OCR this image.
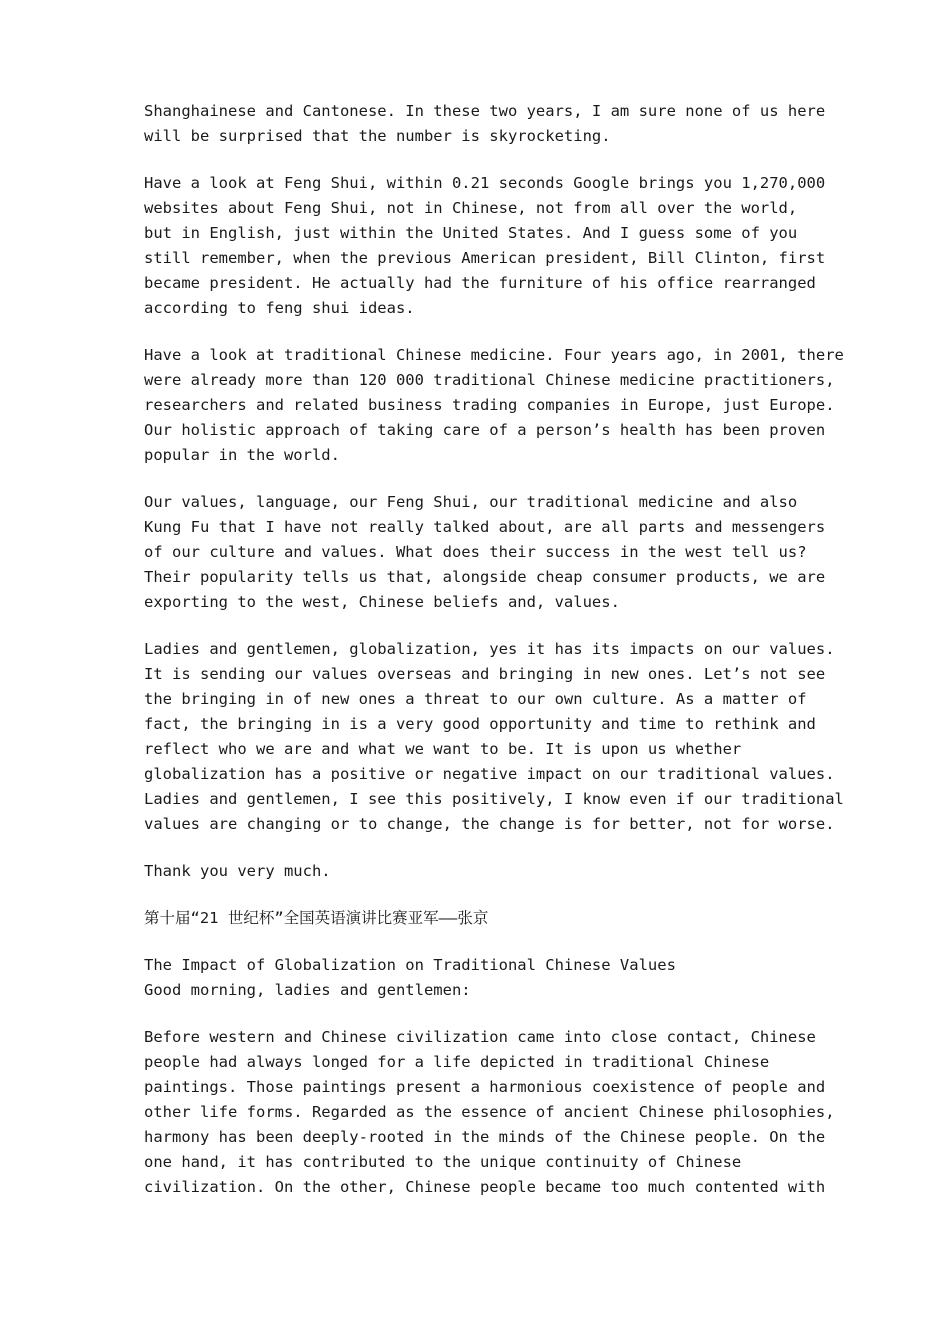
Shanghainese and Cantonese. In these two years, I am sure none of us here
will be surprised that the number is skyrocketing.

Have a look at Feng Shui, within 0.21 seconds Google brings you 1,270,000
websites about Feng Shui, not in Chinese, not from all over the world,
but in English, just within the United States. And I guess some of you
still remember, when the previous American president, Bill Clinton, first
became president. He actually had the furniture of his office rearranged
according to feng shui ideas.

Have a look at traditional Chinese medicine. Four years ago, in 2001, there
were already more than 120 000 traditional Chinese medicine practitioners,
researchers and related business trading companies in Europe, just Europe.
Our holistic approach of taking care of a person’s health has been proven
popular in the world.

Our values, language, our Feng Shui, our traditional medicine and also
Kung Fu that I have not really talked about, are all parts and messengers
of our culture and values. What does their success in the west tell us?
Their popularity tells us that, alongside cheap consumer products, we are
exporting to the west, Chinese beliefs and, values.

Ladies and gentlemen, globalization, yes it has its impacts on our values.
It is sending our values overseas and bringing in new ones. Let’s not see
the bringing in of new ones a threat to our own culture. As a matter of
fact, the bringing in is a very good opportunity and time to rethink and
reflect who we are and what we want to be. It is upon us whether
globalization has a positive or negative impact on our traditional values.
Ladies and gentlemen, I see this positively, I know even if our traditional
values are changing or to change, the change is for better, not for worse.

Thank you very much.

第十届“21 世纪杯”全国英语演讲比赛亚军——张京

The Impact of Globalization on Traditional Chinese Values
Good morning, ladies and gentlemen:

Before western and Chinese civilization came into close contact, Chinese
people had always longed for a life depicted in traditional Chinese
paintings. Those paintings present a harmonious coexistence of people and
other life forms. Regarded as the essence of ancient Chinese philosophies,
harmony has been deeply-rooted in the minds of the Chinese people. On the
one hand, it has contributed to the unique continuity of Chinese
civilization. On the other, Chinese people became too much contented with
